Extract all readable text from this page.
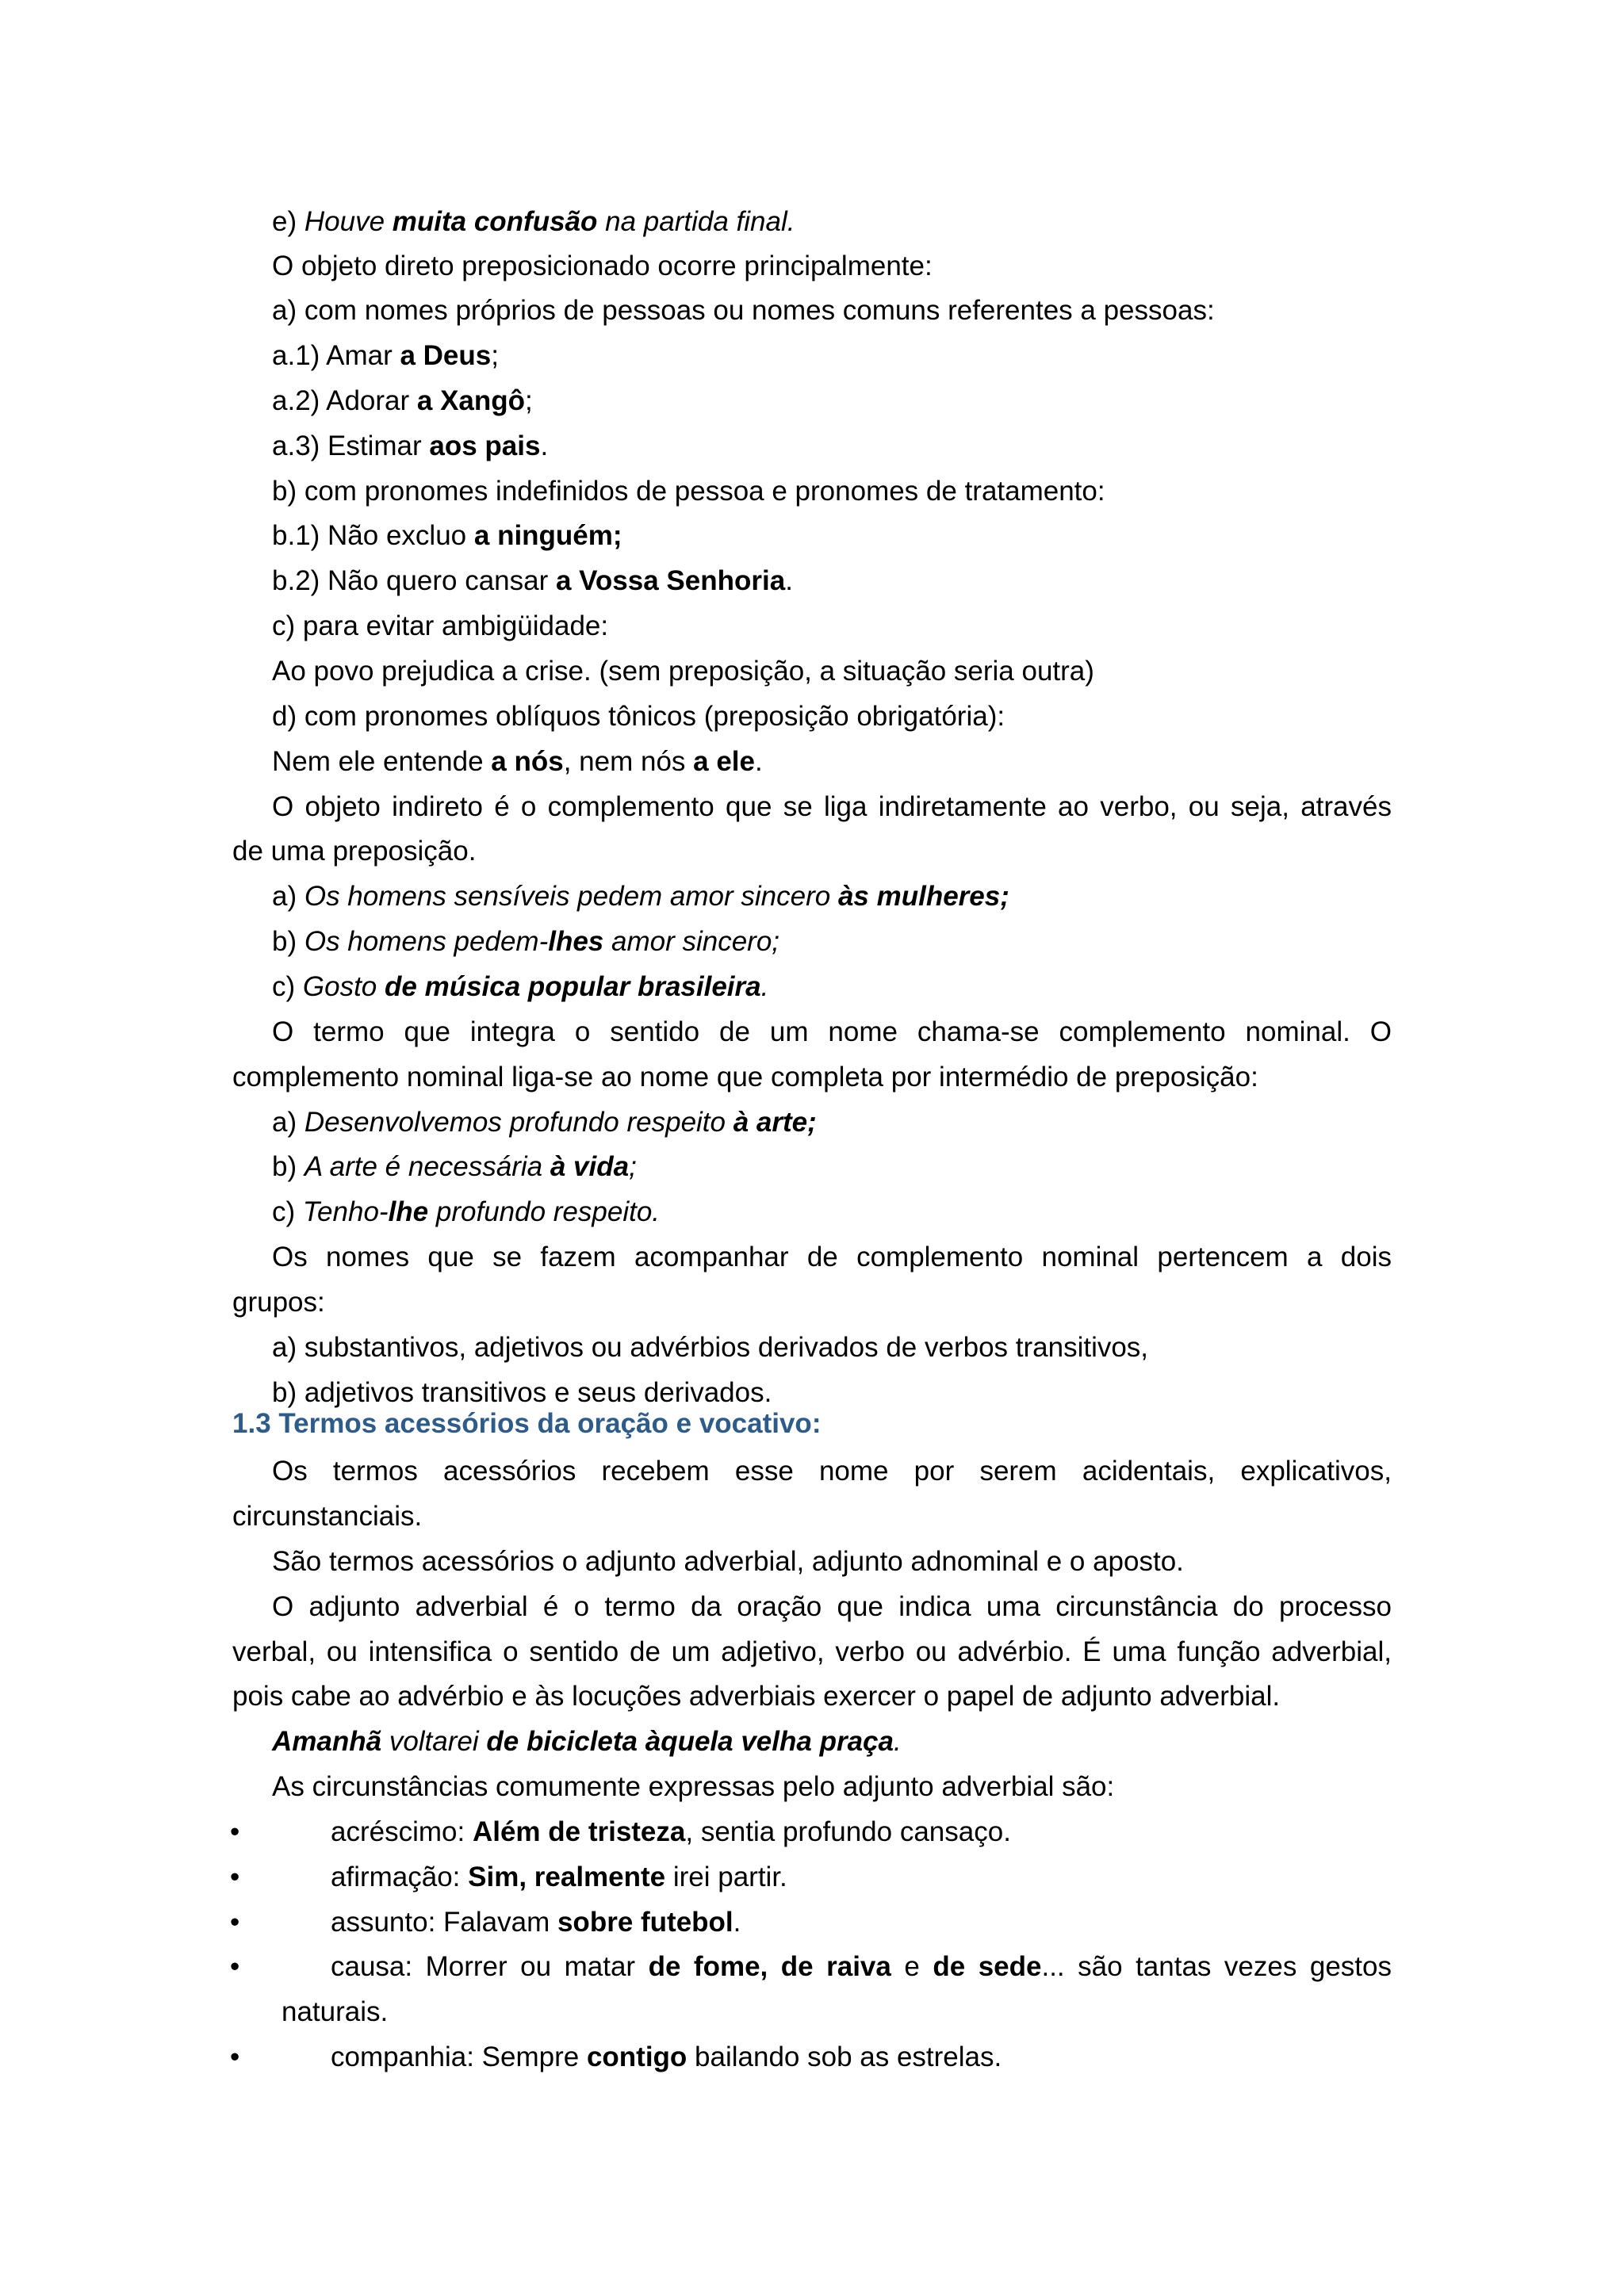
e) Houve muita confusão na partida final.
O objeto direto preposicionado ocorre principalmente:
a) com nomes próprios de pessoas ou nomes comuns referentes a pessoas:
a.1) Amar a Deus;
a.2) Adorar a Xangô;
a.3) Estimar aos pais.
b) com pronomes indefinidos de pessoa e pronomes de tratamento:
b.1) Não excluo a ninguém;
b.2) Não quero cansar a Vossa Senhoria.
c) para evitar ambigüidade:
Ao povo prejudica a crise. (sem preposição, a situação seria outra)
d) com pronomes oblíquos tônicos (preposição obrigatória):
Nem ele entende a nós, nem nós a ele.
O objeto indireto é o complemento que se liga indiretamente ao verbo, ou seja, através
de uma preposição.
a) Os homens sensíveis pedem amor sincero às mulheres;
b) Os homens pedem-lhes amor sincero;
c) Gosto de música popular brasileira.
O termo que integra o sentido de um nome chama-se complemento nominal. O
complemento nominal liga-se ao nome que completa por intermédio de preposição:
a) Desenvolvemos profundo respeito à arte;
b) A arte é necessária à vida;
c) Tenho-lhe profundo respeito.
Os nomes que se fazem acompanhar de complemento nominal pertencem a dois
grupos:
a) substantivos, adjetivos ou advérbios derivados de verbos transitivos,
b) adjetivos transitivos e seus derivados.
1.3 Termos acessórios da oração e vocativo:
Os termos acessórios recebem esse nome por serem acidentais, explicativos,
circunstanciais.
São termos acessórios o adjunto adverbial, adjunto adnominal e o aposto.
O adjunto adverbial é o termo da oração que indica uma circunstância do processo
verbal, ou intensifica o sentido de um adjetivo, verbo ou advérbio. É uma função adverbial,
pois cabe ao advérbio e às locuções adverbiais exercer o papel de adjunto adverbial.
Amanhã voltarei de bicicleta àquela velha praça.
As circunstâncias comumente expressas pelo adjunto adverbial são:
•	acréscimo: Além de tristeza, sentia profundo cansaço.
•	afirmação: Sim, realmente irei partir.
•	assunto: Falavam sobre futebol.
•	causa: Morrer ou matar de fome, de raiva e de sede... são tantas vezes gestos
naturais.
•	companhia: Sempre contigo bailando sob as estrelas.
